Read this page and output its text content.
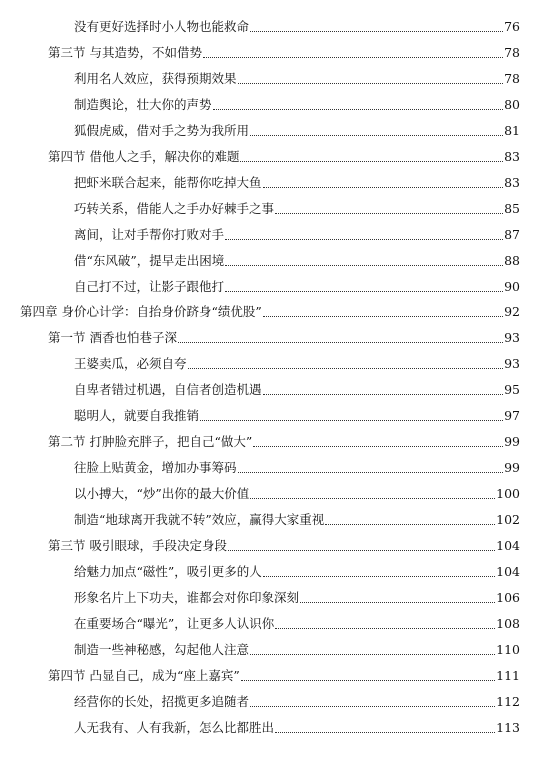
没有更好选择时小人物也能救命	76
第三节 与其造势，不如借势	78
利用名人效应，获得预期效果	78
制造舆论，壮大你的声势	80
狐假虎威，借对手之势为我所用	81
第四节 借他人之手，解决你的难题	83
把虾米联合起来，能帮你吃掉大鱼	83
巧转关系，借能人之手办好棘手之事	85
离间，让对手帮你打败对手	87
借“东风破”，提早走出困境	88
自己打不过，让影子跟他打	90
第四章 身价心计学：自抬身价跻身“绩优股”	92
第一节 酒香也怕巷子深	93
王婆卖瓜，必须自夸	93
自卑者错过机遇，自信者创造机遇	95
聪明人，就要自我推销	97
第二节 打肿脸充胖子，把自己“做大”	99
往脸上贴黄金，增加办事筹码	99
以小搏大，“炒”出你的最大价值	100
制造“地球离开我就不转”效应，赢得大家重视	102
第三节 吸引眼球，手段决定身段	104
给魅力加点“磁性”，吸引更多的人	104
形象名片上下功夫，谁都会对你印象深刻	106
在重要场合“曝光”，让更多人认识你	108
制造一些神秘感，勾起他人注意	110
第四节 凸显自己，成为“座上嘉宾”	111
经营你的长处，招揽更多追随者	112
人无我有、人有我新，怎么比都胜出	113
